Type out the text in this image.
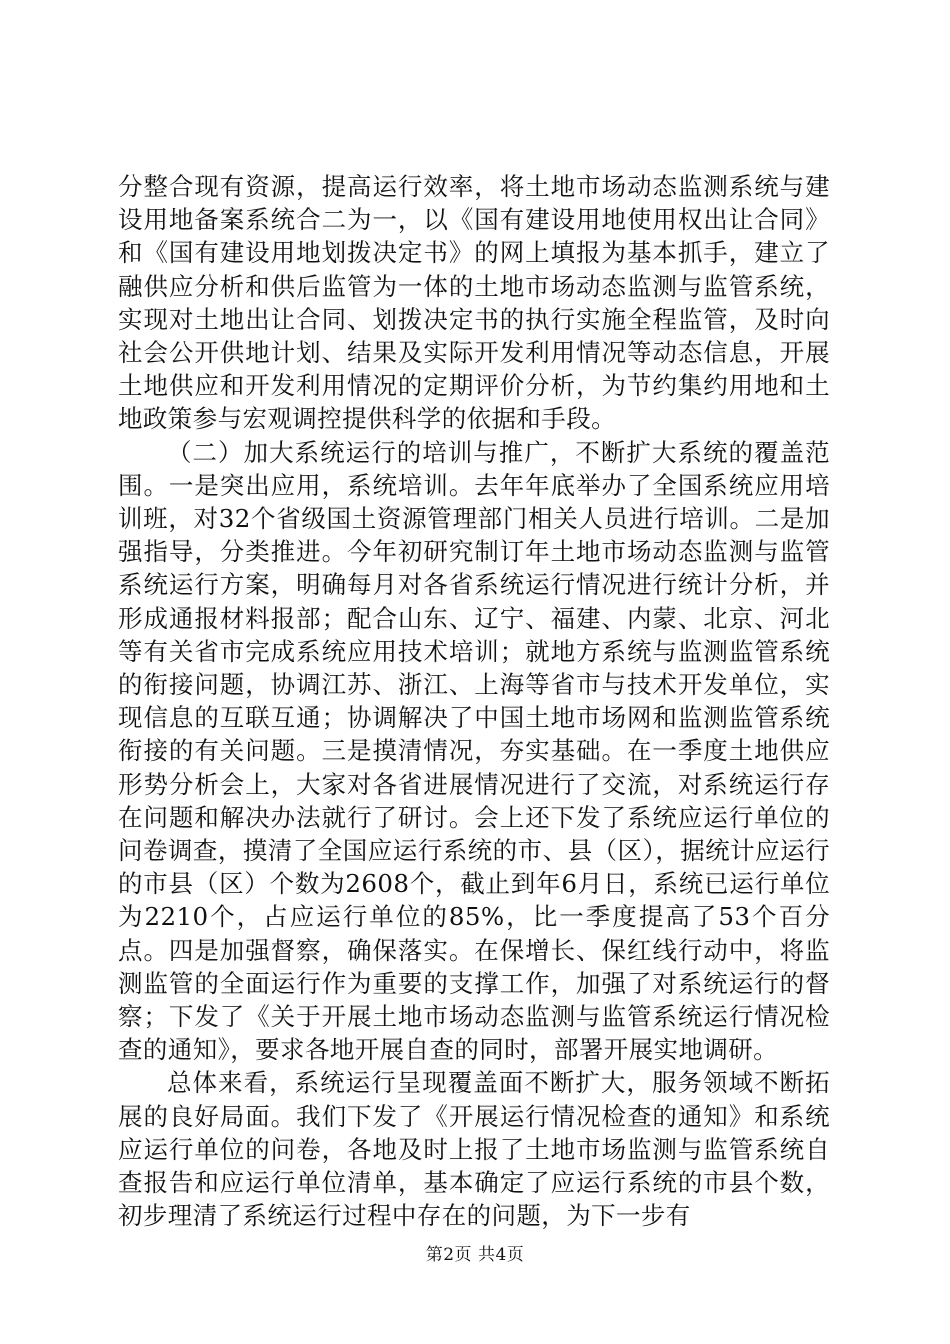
分整合现有资源，提高运行效率，将土地市场动态监测系统与建设用地备案系统合二为一，以《国有建设用地使用权出让合同》和《国有建设用地划拨决定书》的网上填报为基本抓手，建立了融供应分析和供后监管为一体的土地市场动态监测与监管系统，实现对土地出让合同、划拨决定书的执行实施全程监管，及时向社会公开供地计划、结果及实际开发利用情况等动态信息，开展土地供应和开发利用情况的定期评价分析，为节约集约用地和土地政策参与宏观调控提供科学的依据和手段。

（二）加大系统运行的培训与推广，不断扩大系统的覆盖范围。一是突出应用，系统培训。去年年底举办了全国系统应用培训班，对32个省级国土资源管理部门相关人员进行培训。二是加强指导，分类推进。今年初研究制订年土地市场动态监测与监管系统运行方案，明确每月对各省系统运行情况进行统计分析，并形成通报材料报部；配合山东、辽宁、福建、内蒙、北京、河北等有关省市完成系统应用技术培训；就地方系统与监测监管系统的衔接问题，协调江苏、浙江、上海等省市与技术开发单位，实现信息的互联互通；协调解决了中国土地市场网和监测监管系统衔接的有关问题。三是摸清情况，夯实基础。在一季度土地供应形势分析会上，大家对各省进展情况进行了交流，对系统运行存在问题和解决办法就行了研讨。会上还下发了系统应运行单位的问卷调查，摸清了全国应运行系统的市、县（区），据统计应运行的市县（区）个数为2608个，截止到年6月日，系统已运行单位为2210个，占应运行单位的85%，比一季度提高了53个百分点。四是加强督察，确保落实。在保增长、保红线行动中，将监测监管的全面运行作为重要的支撑工作，加强了对系统运行的督察；下发了《关于开展土地市场动态监测与监管系统运行情况检查的通知》，要求各地开展自查的同时，部署开展实地调研。

总体来看，系统运行呈现覆盖面不断扩大，服务领域不断拓展的良好局面。我们下发了《开展运行情况检查的通知》和系统应运行单位的问卷，各地及时上报了土地市场监测与监管系统自查报告和应运行单位清单，基本确定了应运行系统的市县个数，初步理清了系统运行过程中存在的问题，为下一步有

第2页 共4页
